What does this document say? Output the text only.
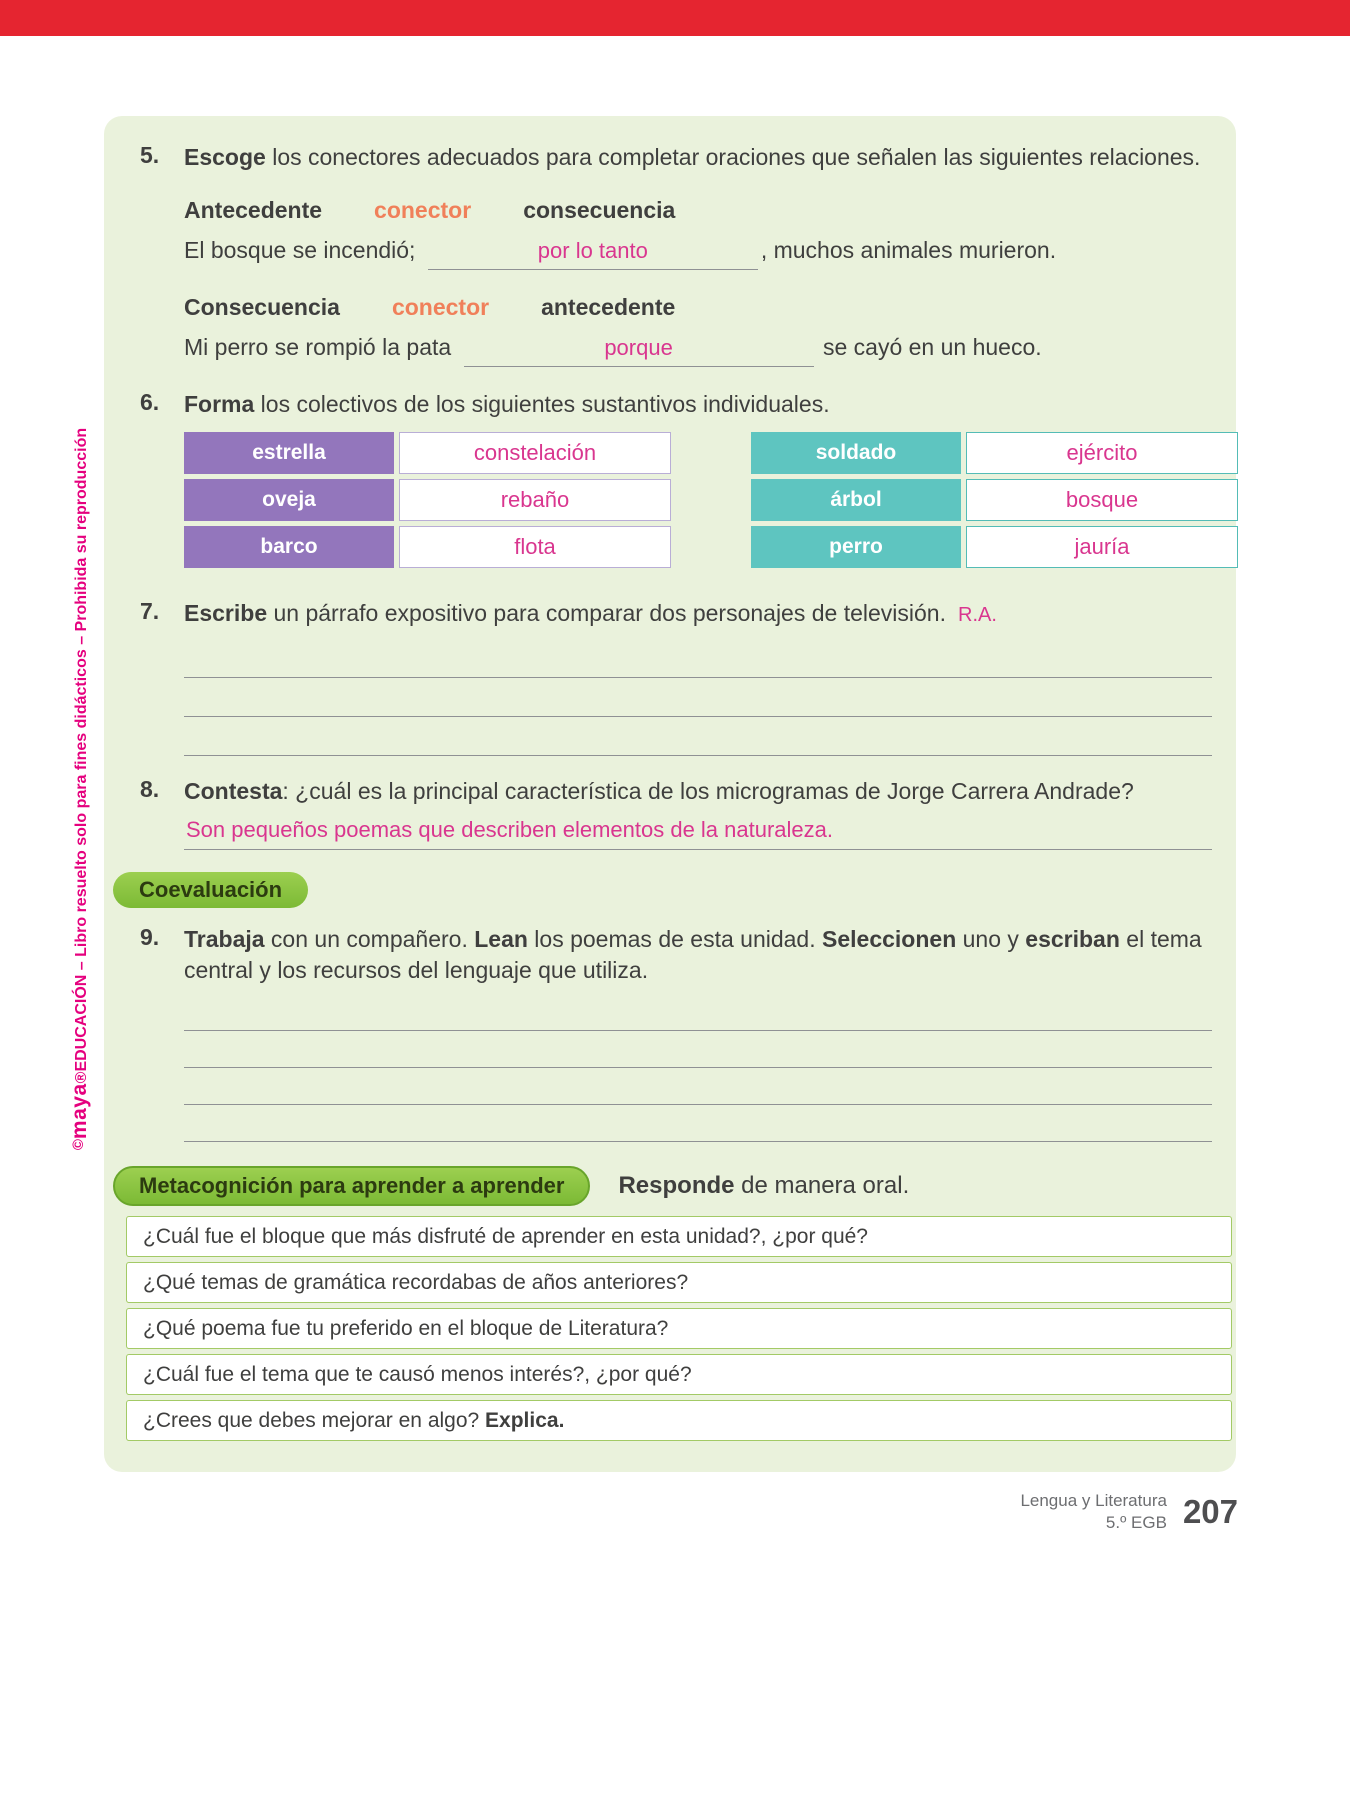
©maya®EDUCACIÓN – Libro resuelto solo para fines didácticos – Prohibida su reproducción
5.	Escoge los conectores adecuados para completar oraciones que señalen las siguientes relaciones.

Antecedente conector consecuencia

El bosque se incendió;	por lo tanto	, muchos animales murieron.

Consecuencia conector antecedente

Mi perro se rompió la pata	porque	se cayó en un hueco.

6.	Forma los colectivos de los siguientes sustantivos individuales.

estrella	constelación
oveja	rebaño
barco	flota
soldado	ejército
árbol	bosque
perro	jauría
7.	Escribe un párrafo expositivo para comparar dos personajes de televisión. R.A.

8.	Contesta: ¿cuál es la principal característica de los microgramas de Jorge Carrera Andrade?

Son pequeños poemas que describen elementos de la naturaleza.
Coevaluación
9.	Trabaja con un compañero. Lean los poemas de esta unidad. Seleccionen uno y escriban el tema central y los recursos del lenguaje que utiliza.

Metacognición para aprender a aprender	Responde de manera oral.

¿Cuál fue el bloque que más disfruté de aprender en esta unidad?, ¿por qué?
¿Qué temas de gramática recordabas de años anteriores?
¿Qué poema fue tu preferido en el bloque de Literatura?
¿Cuál fue el tema que te causó menos interés?, ¿por qué?
¿Crees que debes mejorar en algo? Explica.
Lengua y Literatura
5.º EGB 207
